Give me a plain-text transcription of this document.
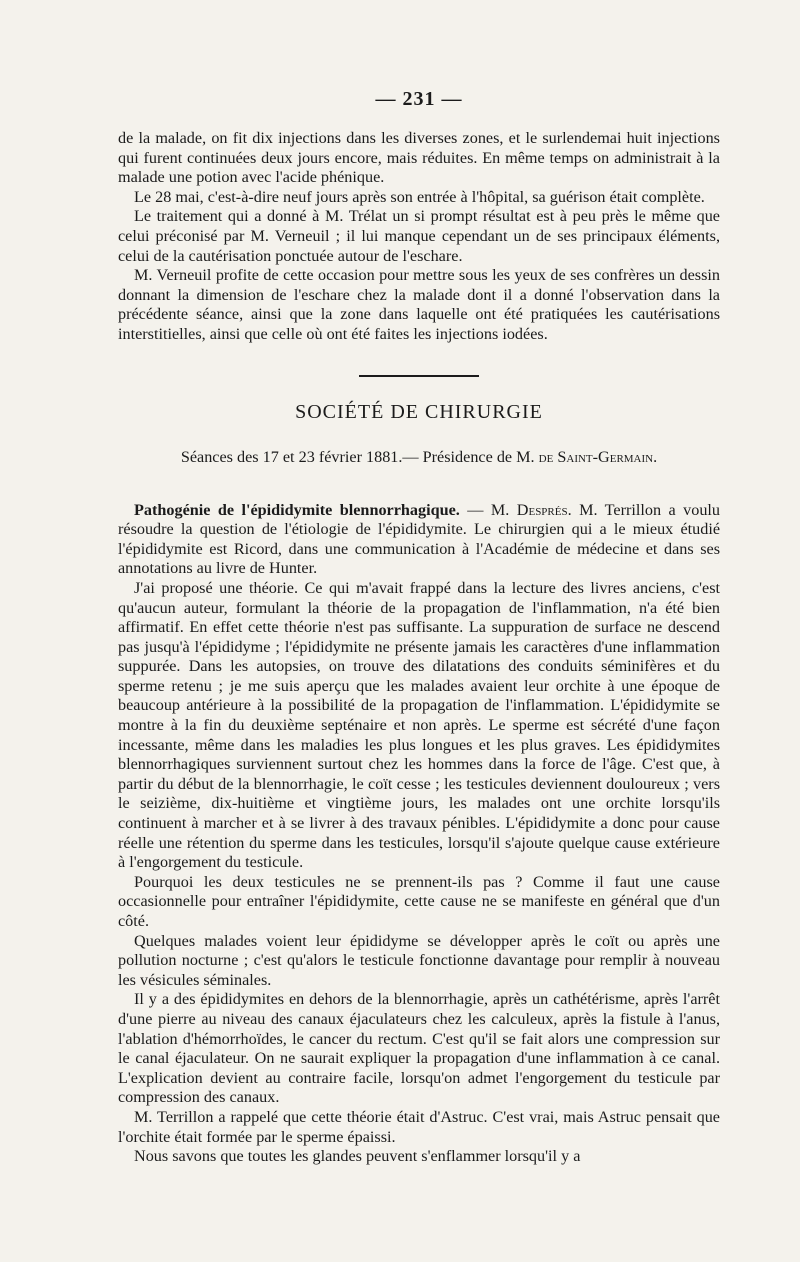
— 231 —

de la malade, on fit dix injections dans les diverses zones, et le surlendemai huit injections qui furent continuées deux jours encore, mais réduites. En même temps on administrait à la malade une potion avec l'acide phénique.

Le 28 mai, c'est-à-dire neuf jours après son entrée à l'hôpital, sa guérison était complète.

Le traitement qui a donné à M. Trélat un si prompt résultat est à peu près le même que celui préconisé par M. Verneuil ; il lui manque cependant un de ses principaux éléments, celui de la cautérisation ponctuée autour de l'eschare.

M. Verneuil profite de cette occasion pour mettre sous les yeux de ses confrères un dessin donnant la dimension de l'eschare chez la malade dont il a donné l'observation dans la précédente séance, ainsi que la zone dans laquelle ont été pratiquées les cautérisations interstitielles, ainsi que celle où ont été faites les injections iodées.

SOCIÉTÉ DE CHIRURGIE
Séances des 17 et 23 février 1881.— Présidence de M. de Saint-Germain.

Pathogénie de l'épididymite blennorrhagique. — M. Després. M. Terrillon a voulu résoudre la question de l'étiologie de l'épididymite. Le chirurgien qui a le mieux étudié l'épididymite est Ricord, dans une communication à l'Académie de médecine et dans ses annotations au livre de Hunter.

J'ai proposé une théorie. Ce qui m'avait frappé dans la lecture des livres anciens, c'est qu'aucun auteur, formulant la théorie de la propagation de l'inflammation, n'a été bien affirmatif. En effet cette théorie n'est pas suffisante. La suppuration de surface ne descend pas jusqu'à l'épididyme ; l'épididymite ne présente jamais les caractères d'une inflammation suppurée. Dans les autopsies, on trouve des dilatations des conduits séminifères et du sperme retenu ; je me suis aperçu que les malades avaient leur orchite à une époque de beaucoup antérieure à la possibilité de la propagation de l'inflammation. L'épididymite se montre à la fin du deuxième septénaire et non après. Le sperme est sécrété d'une façon incessante, même dans les maladies les plus longues et les plus graves. Les épididymites blennorrhagiques surviennent surtout chez les hommes dans la force de l'âge. C'est que, à partir du début de la blennorrhagie, le coït cesse ; les testicules deviennent douloureux ; vers le seizième, dix-huitième et vingtième jours, les malades ont une orchite lorsqu'ils continuent à marcher et à se livrer à des travaux pénibles. L'épididymite a donc pour cause réelle une rétention du sperme dans les testicules, lorsqu'il s'ajoute quelque cause extérieure à l'engorgement du testicule.

Pourquoi les deux testicules ne se prennent-ils pas ? Comme il faut une cause occasionnelle pour entraîner l'épididymite, cette cause ne se manifeste en général que d'un côté.

Quelques malades voient leur épididyme se développer après le coït ou après une pollution nocturne ; c'est qu'alors le testicule fonctionne davantage pour remplir à nouveau les vésicules séminales.

Il y a des épididymites en dehors de la blennorrhagie, après un cathétérisme, après l'arrêt d'une pierre au niveau des canaux éjaculateurs chez les calculeux, après la fistule à l'anus, l'ablation d'hémorrhoïdes, le cancer du rectum. C'est qu'il se fait alors une compression sur le canal éjaculateur. On ne saurait expliquer la propagation d'une inflammation à ce canal. L'explication devient au contraire facile, lorsqu'on admet l'engorgement du testicule par compression des canaux.

M. Terrillon a rappelé que cette théorie était d'Astruc. C'est vrai, mais Astruc pensait que l'orchite était formée par le sperme épaissi.

Nous savons que toutes les glandes peuvent s'enflammer lorsqu'il y a
